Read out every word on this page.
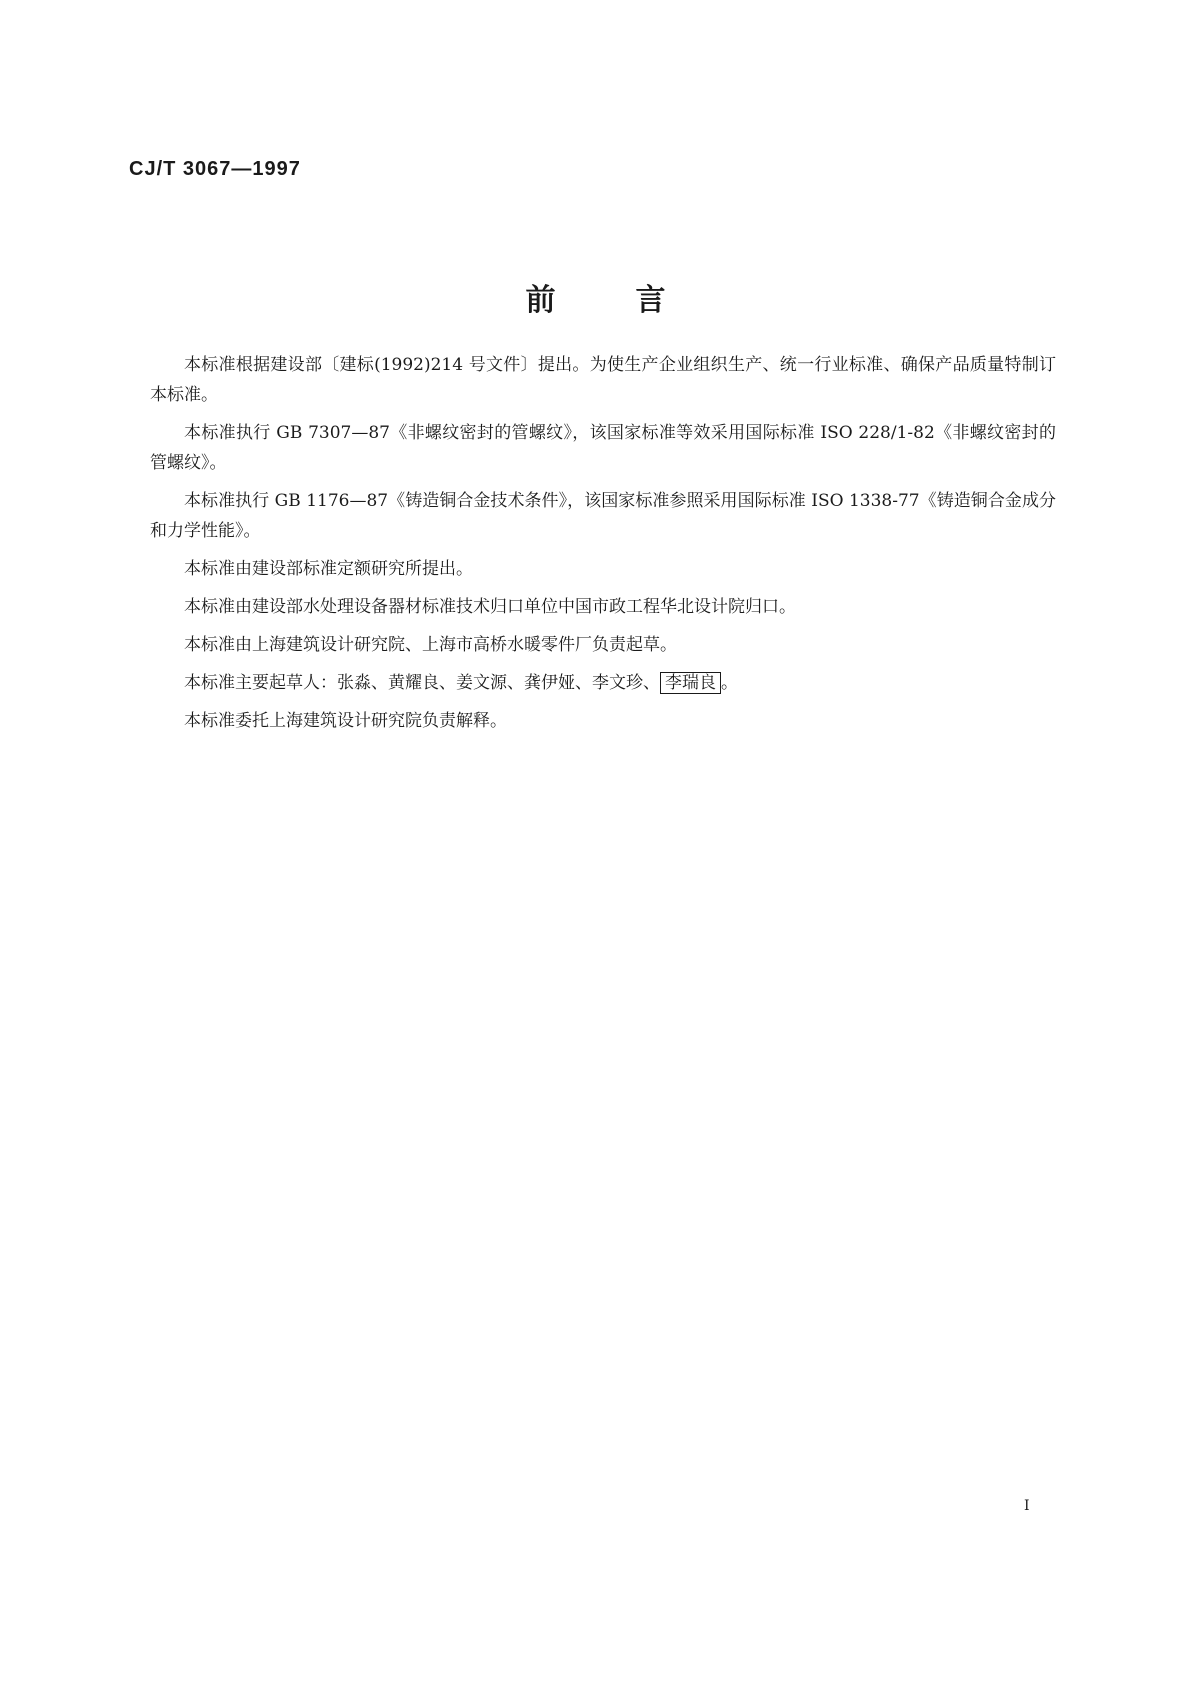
CJ/T 3067—1997
前言

本标准根据建设部〔建标(1992)214 号文件〕提出。为使生产企业组织生产、统一行业标准、确保产品质量特制订本标准。

本标准执行 GB 7307—87《非螺纹密封的管螺纹》，该国家标准等效采用国际标准 ISO 228/1-82《非螺纹密封的管螺纹》。

本标准执行 GB 1176—87《铸造铜合金技术条件》，该国家标准参照采用国际标准 ISO 1338-77《铸造铜合金成分和力学性能》。

本标准由建设部标准定额研究所提出。

本标准由建设部水处理设备器材标准技术归口单位中国市政工程华北设计院归口。

本标准由上海建筑设计研究院、上海市高桥水暖零件厂负责起草。

本标准主要起草人：张淼、黄耀良、姜文源、龚伊娅、李文珍、 李瑞良 。

本标准委托上海建筑设计研究院负责解释。

I
